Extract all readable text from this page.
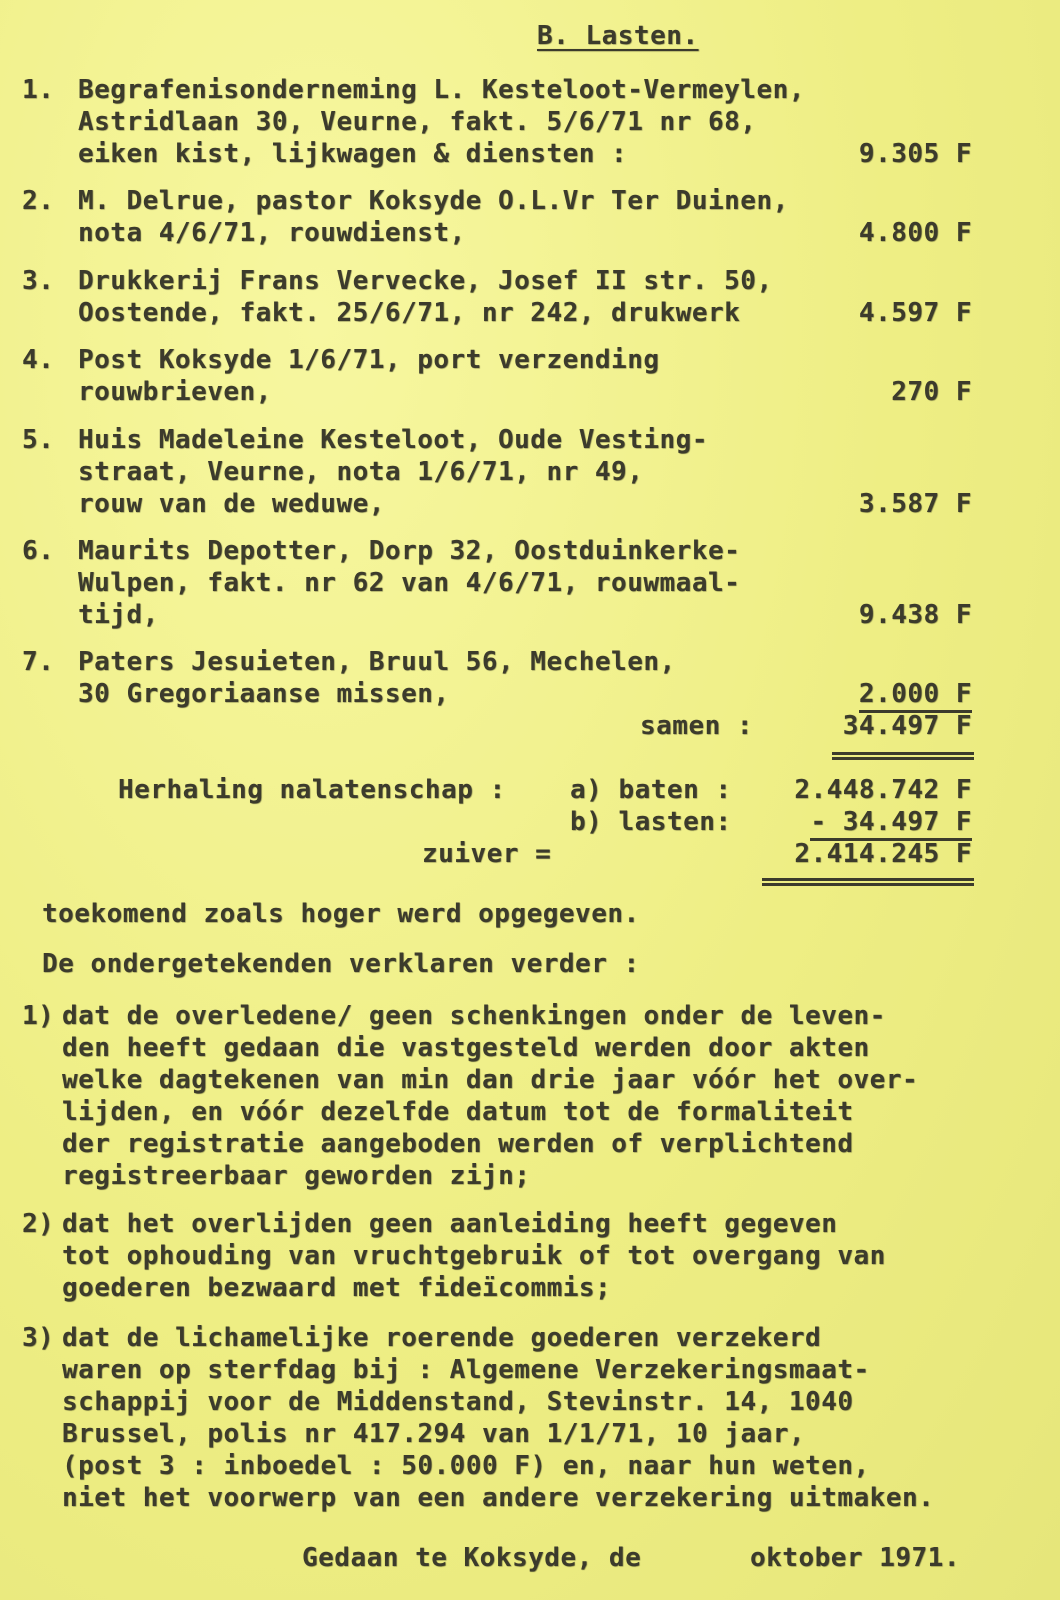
B. Lasten.
1. Begrafenisonderneming L. Kesteloot-Vermeylen,
Astridlaan 30, Veurne, fakt. 5/6/71 nr 68,
eiken kist, lijkwagen & diensten :	9.305 F
2. M. Delrue, pastor Koksyde O.L.Vr Ter Duinen,
nota 4/6/71, rouwdienst,	4.800 F
3. Drukkerij Frans Vervecke, Josef II str. 50,
Oostende, fakt. 25/6/71, nr 242, drukwerk	4.597 F
4. Post Koksyde 1/6/71, port verzending
rouwbrieven,	270 F
5. Huis Madeleine Kesteloot, Oude Vesting-
straat, Veurne, nota 1/6/71, nr 49,
rouw van de weduwe,	3.587 F
6. Maurits Depotter, Dorp 32, Oostduinkerke-
Wulpen, fakt. nr 62 van 4/6/71, rouwmaal-
tijd,	9.438 F
7. Paters Jesuieten, Bruul 56, Mechelen,
30 Gregoriaanse missen,	2.000 F
samen :	34.497 F
Herhaling nalatenschap : a) baten : 2.448.742 F
b) lasten:	- 34.497 F
zuiver =	2.414.245 F
toekomend zoals hoger werd opgegeven.
De ondergetekenden verklaren verder :
1) dat de overledene/ geen schenkingen onder de leven-
den heeft gedaan die vastgesteld werden door akten
welke dagtekenen van min dan drie jaar vóór het over-
lijden, en vóór dezelfde datum tot de formaliteit
der registratie aangeboden werden of verplichtend
registreerbaar geworden zijn;
2) dat het overlijden geen aanleiding heeft gegeven
tot ophouding van vruchtgebruik of tot overgang van
goederen bezwaard met fideïcommis;
3) dat de lichamelijke roerende goederen verzekerd
waren op sterfdag bij : Algemene Verzekeringsmaat-
schappij voor de Middenstand, Stevinstr. 14, 1040
Brussel, polis nr 417.294 van 1/1/71, 10 jaar,
(post 3 : inboedel : 50.000 F) en, naar hun weten,
niet het voorwerp van een andere verzekering uitmaken.
Gedaan te Koksyde, de	oktober 1971.
